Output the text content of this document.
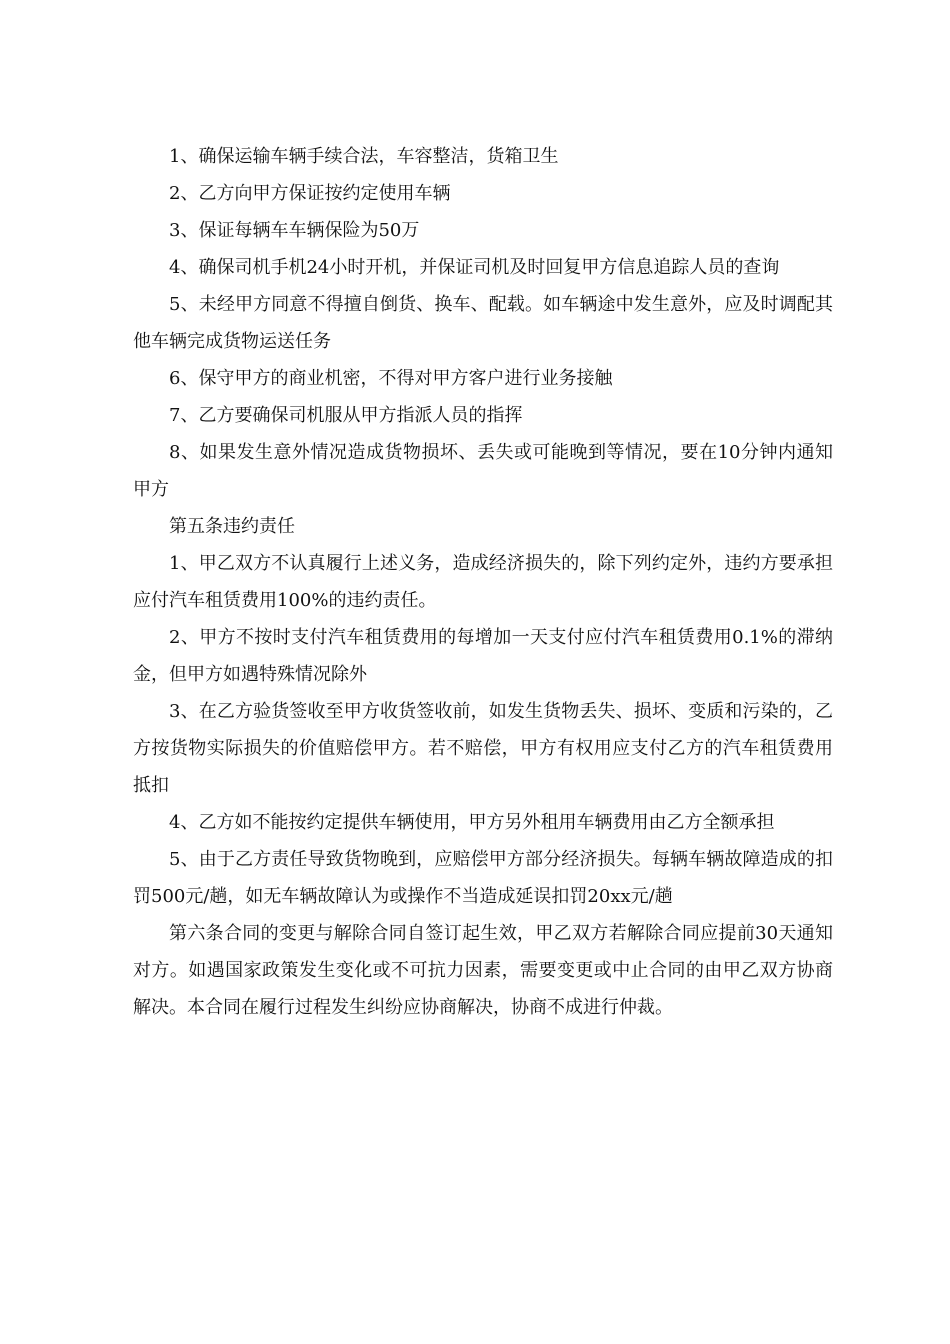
1、确保运输车辆手续合法，车容整洁，货箱卫生

2、乙方向甲方保证按约定使用车辆

3、保证每辆车车辆保险为50万

4、确保司机手机24小时开机，并保证司机及时回复甲方信息追踪人员的查询

5、未经甲方同意不得擅自倒货、换车、配载。如车辆途中发生意外，应及时调配其他车辆完成货物运送任务

6、保守甲方的商业机密，不得对甲方客户进行业务接触

7、乙方要确保司机服从甲方指派人员的指挥

8、如果发生意外情况造成货物损坏、丢失或可能晚到等情况，要在10分钟内通知甲方

第五条违约责任

1、甲乙双方不认真履行上述义务，造成经济损失的，除下列约定外，违约方要承担应付汽车租赁费用100%的违约责任。

2、甲方不按时支付汽车租赁费用的每增加一天支付应付汽车租赁费用0.1%的滞纳金，但甲方如遇特殊情况除外

3、在乙方验货签收至甲方收货签收前，如发生货物丢失、损坏、变质和污染的，乙方按货物实际损失的价值赔偿甲方。若不赔偿，甲方有权用应支付乙方的汽车租赁费用抵扣

4、乙方如不能按约定提供车辆使用，甲方另外租用车辆费用由乙方全额承担

5、由于乙方责任导致货物晚到，应赔偿甲方部分经济损失。每辆车辆故障造成的扣罚500元/趟，如无车辆故障认为或操作不当造成延误扣罚20xx元/趟

第六条合同的变更与解除合同自签订起生效，甲乙双方若解除合同应提前30天通知对方。如遇国家政策发生变化或不可抗力因素，需要变更或中止合同的由甲乙双方协商解决。本合同在履行过程发生纠纷应协商解决，协商不成进行仲裁。
